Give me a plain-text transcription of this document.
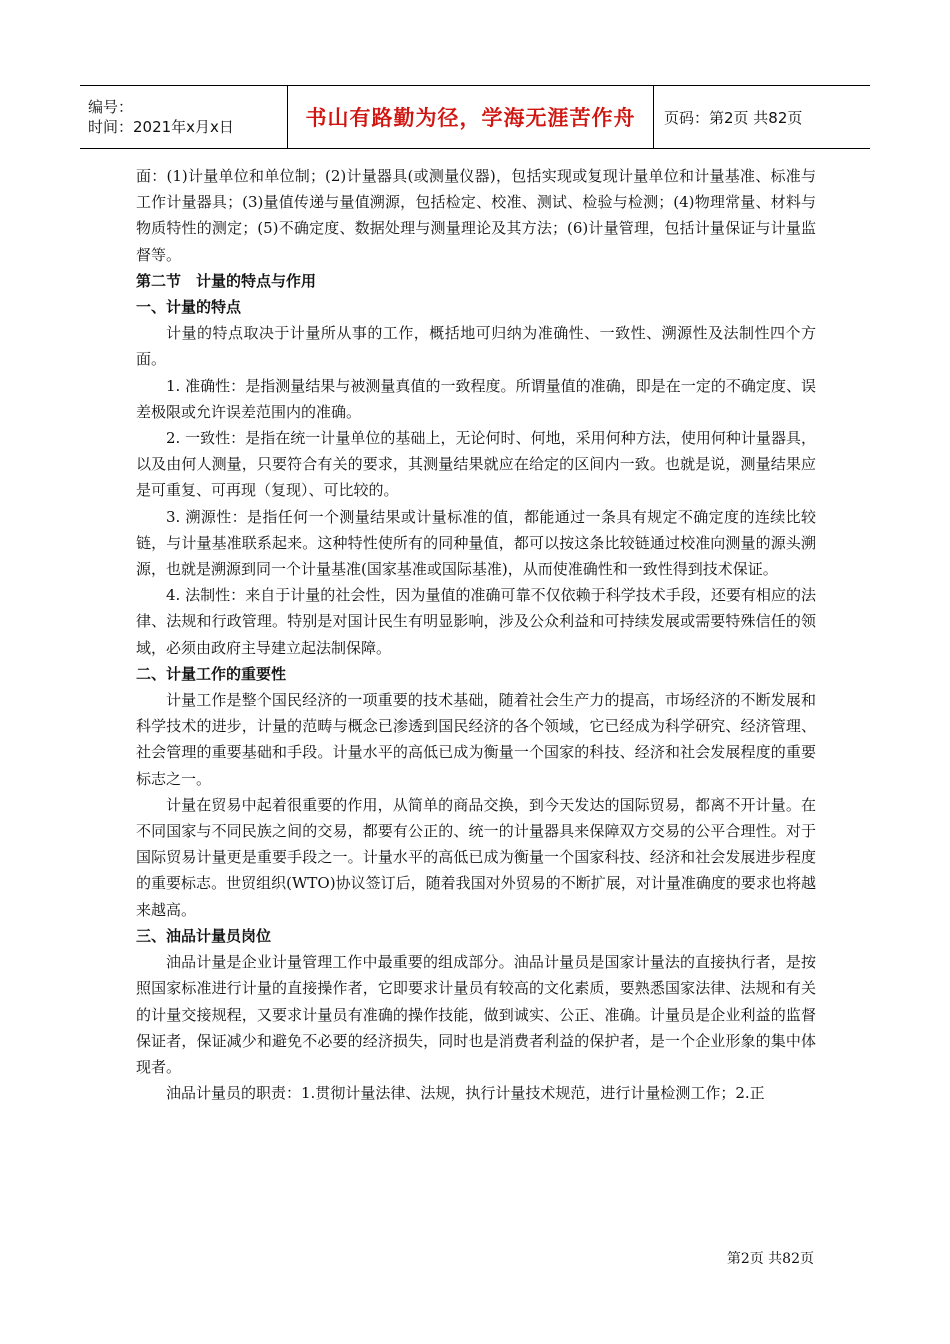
编号：
时间：2021年x月x日	书山有路勤为径，学海无涯苦作舟 页码：第2页 共82页

面：(1)计量单位和单位制；(2)计量器具(或测量仪器)，包括实现或复现计量单位和计量基准、标准与工作计量器具；(3)量值传递与量值溯源，包括检定、校准、测试、检验与检测；(4)物理常量、材料与物质特性的测定；(5)不确定度、数据处理与测量理论及其方法；(6)计量管理，包括计量保证与计量监督等。

第二节　计量的特点与作用

一、计量的特点

计量的特点取决于计量所从事的工作，概括地可归纳为准确性、一致性、溯源性及法制性四个方面。

1. 准确性：是指测量结果与被测量真值的一致程度。所谓量值的准确，即是在一定的不确定度、误差极限或允许误差范围内的准确。

2. 一致性：是指在统一计量单位的基础上，无论何时、何地，采用何种方法，使用何种计量器具，以及由何人测量，只要符合有关的要求，其测量结果就应在给定的区间内一致。也就是说，测量结果应是可重复、可再现（复现）、可比较的。

3. 溯源性：是指任何一个测量结果或计量标准的值，都能通过一条具有规定不确定度的连续比较链，与计量基准联系起来。这种特性使所有的同种量值，都可以按这条比较链通过校准向测量的源头溯源，也就是溯源到同一个计量基准(国家基准或国际基准)，从而使准确性和一致性得到技术保证。

4. 法制性：来自于计量的社会性，因为量值的准确可靠不仅依赖于科学技术手段，还要有相应的法律、法规和行政管理。特别是对国计民生有明显影响，涉及公众利益和可持续发展或需要特殊信任的领域，必须由政府主导建立起法制保障。

二、计量工作的重要性

计量工作是整个国民经济的一项重要的技术基础，随着社会生产力的提高，市场经济的不断发展和科学技术的进步，计量的范畴与概念已渗透到国民经济的各个领域，它已经成为科学研究、经济管理、社会管理的重要基础和手段。计量水平的高低已成为衡量一个国家的科技、经济和社会发展程度的重要标志之一。

计量在贸易中起着很重要的作用，从简单的商品交换，到今天发达的国际贸易，都离不开计量。在不同国家与不同民族之间的交易，都要有公正的、统一的计量器具来保障双方交易的公平合理性。对于国际贸易计量更是重要手段之一。计量水平的高低已成为衡量一个国家科技、经济和社会发展进步程度的重要标志。世贸组织(WTO)协议签订后，随着我国对外贸易的不断扩展，对计量准确度的要求也将越来越高。

三、油品计量员岗位

油品计量是企业计量管理工作中最重要的组成部分。油品计量员是国家计量法的直接执行者，是按照国家标准进行计量的直接操作者，它即要求计量员有较高的文化素质，要熟悉国家法律、法规和有关的计量交接规程，又要求计量员有准确的操作技能，做到诚实、公正、准确。计量员是企业利益的监督保证者，保证减少和避免不必要的经济损失，同时也是消费者利益的保护者，是一个企业形象的集中体现者。

油品计量员的职责：1.贯彻计量法律、法规，执行计量技术规范，进行计量检测工作；2.正

第2页 共82页
